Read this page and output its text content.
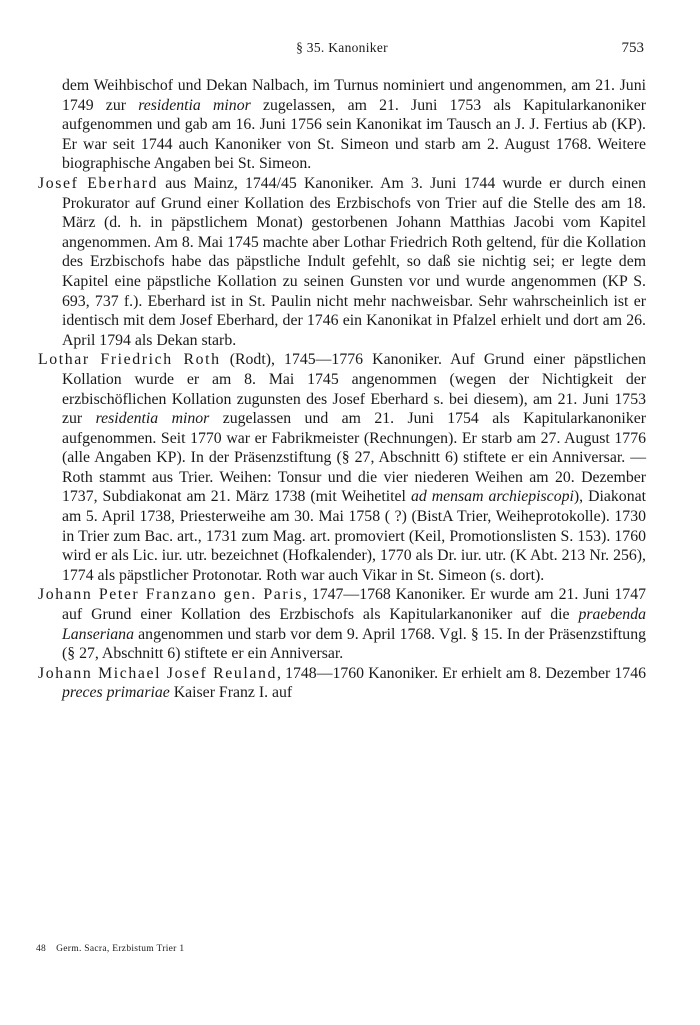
§ 35. Kanoniker	753

dem Weihbischof und Dekan Nalbach, im Turnus nominiert und angenommen, am 21. Juni 1749 zur residentia minor zugelassen, am 21. Juni 1753 als Kapitularkanoniker aufgenommen und gab am 16. Juni 1756 sein Kanonikat im Tausch an J. J. Fertius ab (KP). Er war seit 1744 auch Kanoniker von St. Simeon und starb am 2. August 1768. Weitere biographische Angaben bei St. Simeon.

Josef Eberhard aus Mainz, 1744/45 Kanoniker. Am 3. Juni 1744 wurde er durch einen Prokurator auf Grund einer Kollation des Erzbischofs von Trier auf die Stelle des am 18. März (d. h. in päpstlichem Monat) gestorbenen Johann Matthias Jacobi vom Kapitel angenommen. Am 8. Mai 1745 machte aber Lothar Friedrich Roth geltend, für die Kollation des Erzbischofs habe das päpstliche Indult gefehlt, so daß sie nichtig sei; er legte dem Kapitel eine päpstliche Kollation zu seinen Gunsten vor und wurde angenommen (KP S. 693, 737 f.). Eberhard ist in St. Paulin nicht mehr nachweisbar. Sehr wahrscheinlich ist er identisch mit dem Josef Eberhard, der 1746 ein Kanonikat in Pfalzel erhielt und dort am 26. April 1794 als Dekan starb.

Lothar Friedrich Roth (Rodt), 1745—1776 Kanoniker. Auf Grund einer päpstlichen Kollation wurde er am 8. Mai 1745 angenommen (wegen der Nichtigkeit der erzbischöflichen Kollation zugunsten des Josef Eberhard s. bei diesem), am 21. Juni 1753 zur residentia minor zugelassen und am 21. Juni 1754 als Kapitularkanoniker aufgenommen. Seit 1770 war er Fabrikmeister (Rechnungen). Er starb am 27. August 1776 (alle Angaben KP). In der Präsenzstiftung (§ 27, Abschnitt 6) stiftete er ein Anniversar. — Roth stammt aus Trier. Weihen: Tonsur und die vier niederen Weihen am 20. Dezember 1737, Subdiakonat am 21. März 1738 (mit Weihetitel ad mensam archiepiscopi), Diakonat am 5. April 1738, Priesterweihe am 30. Mai 1758 ( ?) (BistA Trier, Weiheprotokolle). 1730 in Trier zum Bac. art., 1731 zum Mag. art. promoviert (Keil, Promotionslisten S. 153). 1760 wird er als Lic. iur. utr. bezeichnet (Hofkalender), 1770 als Dr. iur. utr. (K Abt. 213 Nr. 256), 1774 als päpstlicher Protonotar. Roth war auch Vikar in St. Simeon (s. dort).

Johann Peter Franzano gen. Paris, 1747—1768 Kanoniker. Er wurde am 21. Juni 1747 auf Grund einer Kollation des Erzbischofs als Kapitularkanoniker auf die praebenda Lanseriana angenommen und starb vor dem 9. April 1768. Vgl. § 15. In der Präsenzstiftung (§ 27, Abschnitt 6) stiftete er ein Anniversar.

Johann Michael Josef Reuland, 1748—1760 Kanoniker. Er erhielt am 8. Dezember 1746 preces primariae Kaiser Franz I. auf

48 Germ. Sacra, Erzbistum Trier 1
